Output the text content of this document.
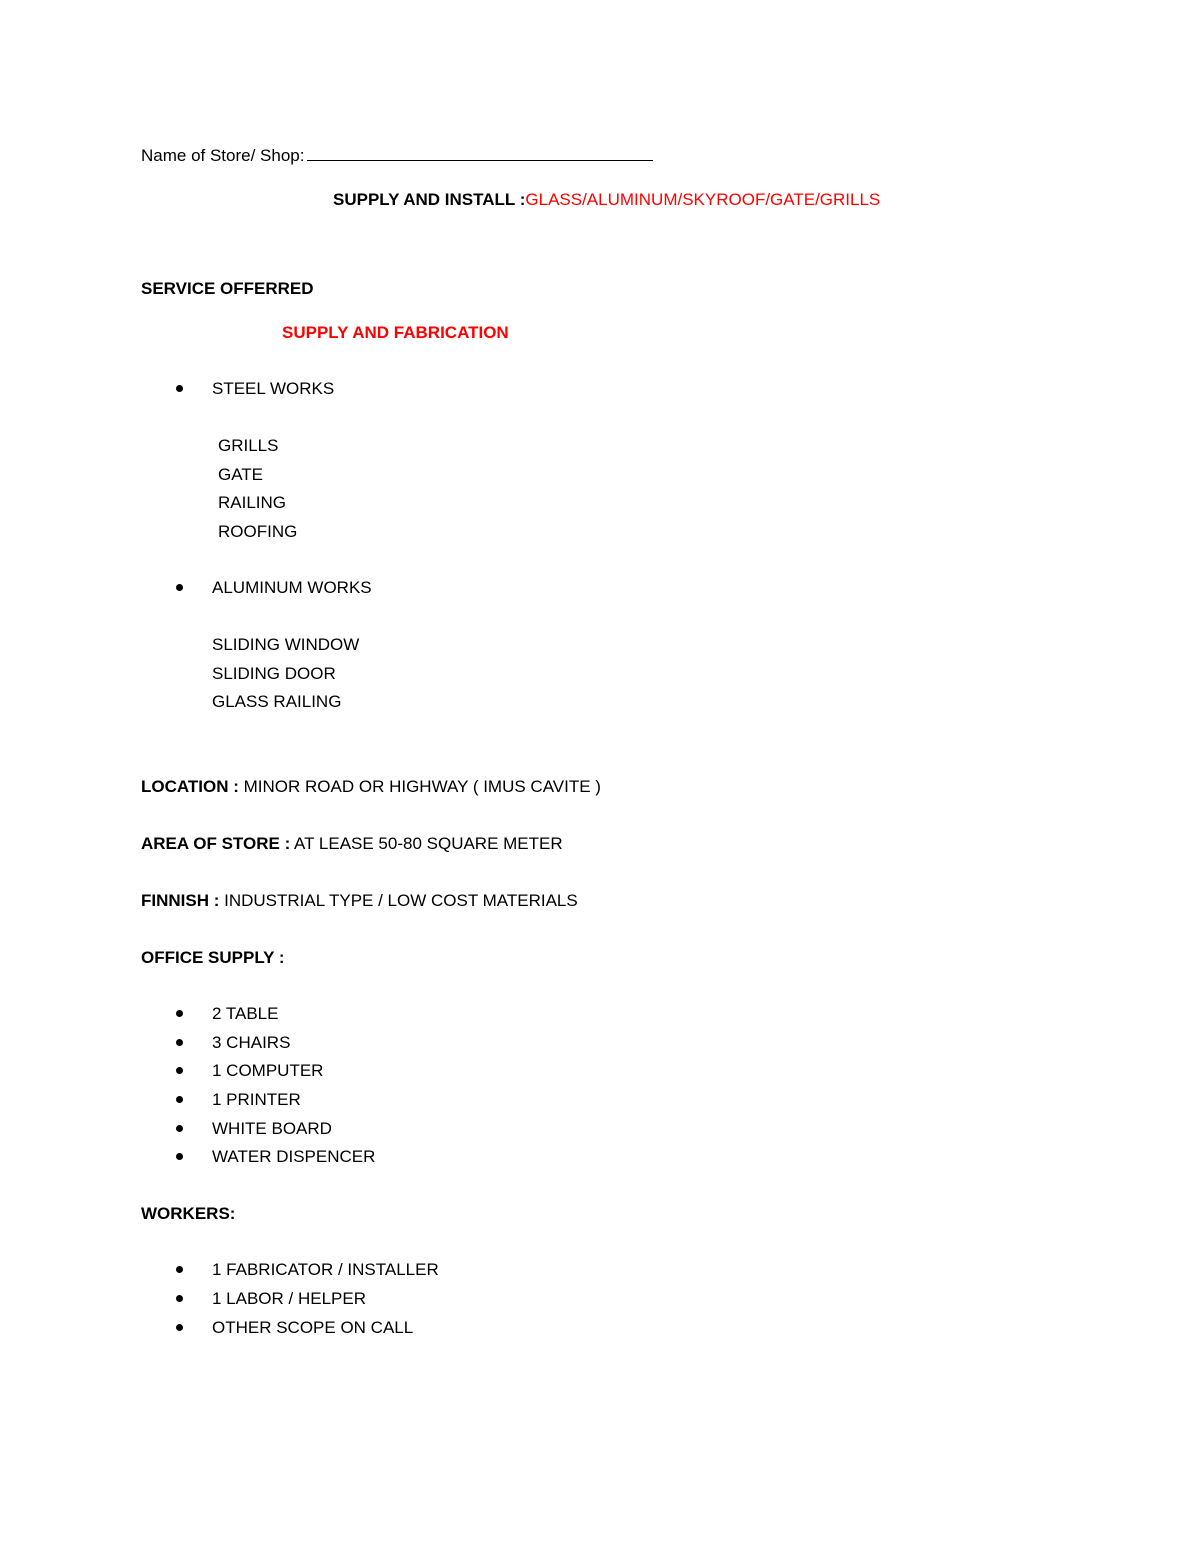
Name of Store/ Shop:
SUPPLY AND INSTALL :GLASS/ALUMINUM/SKYROOF/GATE/GRILLS
SERVICE OFFERRED
SUPPLY AND FABRICATION
STEEL WORKS
GRILLS
GATE
RAILING
ROOFING
ALUMINUM WORKS
SLIDING WINDOW
SLIDING DOOR
GLASS RAILING
LOCATION : MINOR ROAD OR HIGHWAY ( IMUS CAVITE )
AREA OF STORE : AT LEASE 50-80 SQUARE METER
FINNISH : INDUSTRIAL TYPE / LOW COST MATERIALS
OFFICE SUPPLY :
2 TABLE
3 CHAIRS
1 COMPUTER
1 PRINTER
WHITE BOARD
WATER DISPENCER
WORKERS:
1 FABRICATOR / INSTALLER
1 LABOR / HELPER
OTHER SCOPE ON CALL
